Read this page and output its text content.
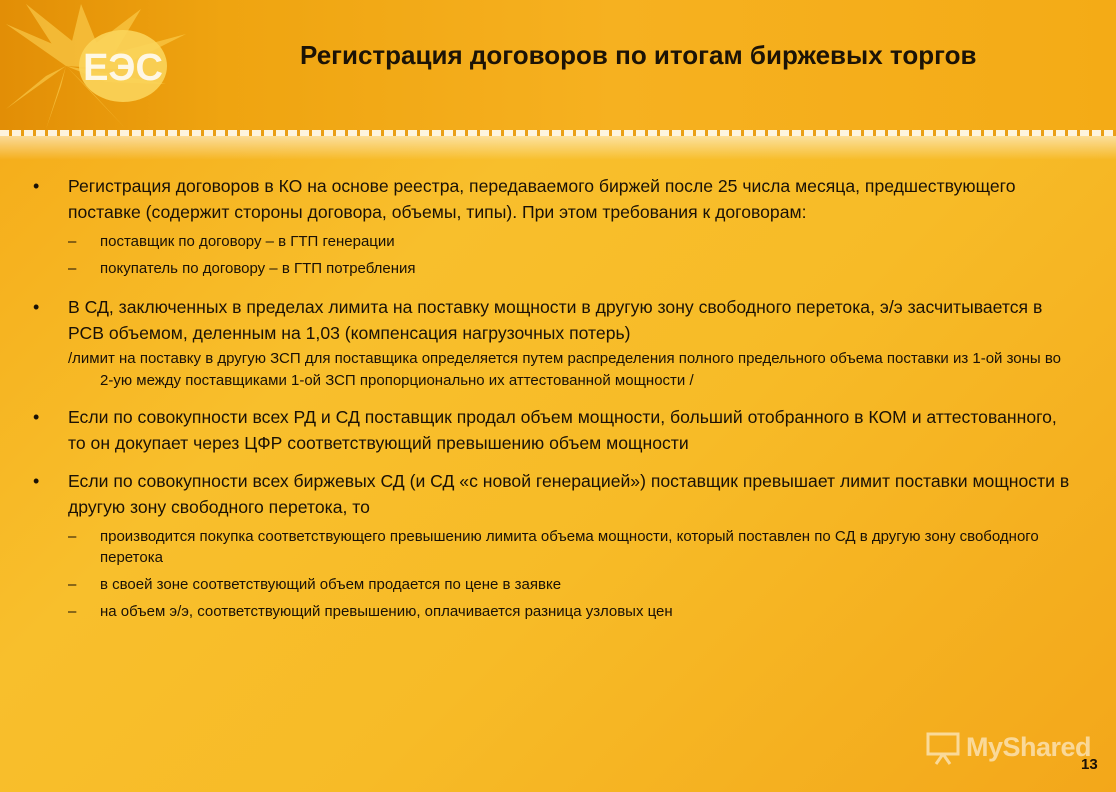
ЕЭС	Регистрация договоров по итогам биржевых торгов

• Регистрация договоров в КО на основе реестра, передаваемого биржей после 25 числа месяца, предшествующего поставке (содержит стороны договора, объемы, типы). При этом требования к договорам:

– поставщик по договору – в ГТП генерации

– покупатель по договору – в ГТП потребления

• В СД, заключенных в пределах лимита на поставку мощности в другую зону свободного перетока, э/э засчитывается в РСВ объемом, деленным на 1,03 (компенсация нагрузочных потерь)

/лимит на поставку в другую ЗСП для поставщика определяется путем распределения полного предельного объема поставки из 1-ой зоны во 2-ую между поставщиками 1-ой ЗСП пропорционально их аттестованной мощности /

• Если по совокупности всех РД и СД поставщик продал объем мощности, больший отобранного в КОМ и аттестованного, то он докупает через ЦФР соответствующий превышению объем мощности

• Если по совокупности всех биржевых СД (и СД «с новой генерацией») поставщик превышает лимит поставки мощности в другую зону свободного перетока, то

– производится покупка соответствующего превышению лимита объема мощности, который поставлен по СД в другую зону свободного перетока

– в своей зоне соответствующий объем продается по цене в заявке

– на объем э/э, соответствующий превышению, оплачивается разница узловых цен

MyShared
13
